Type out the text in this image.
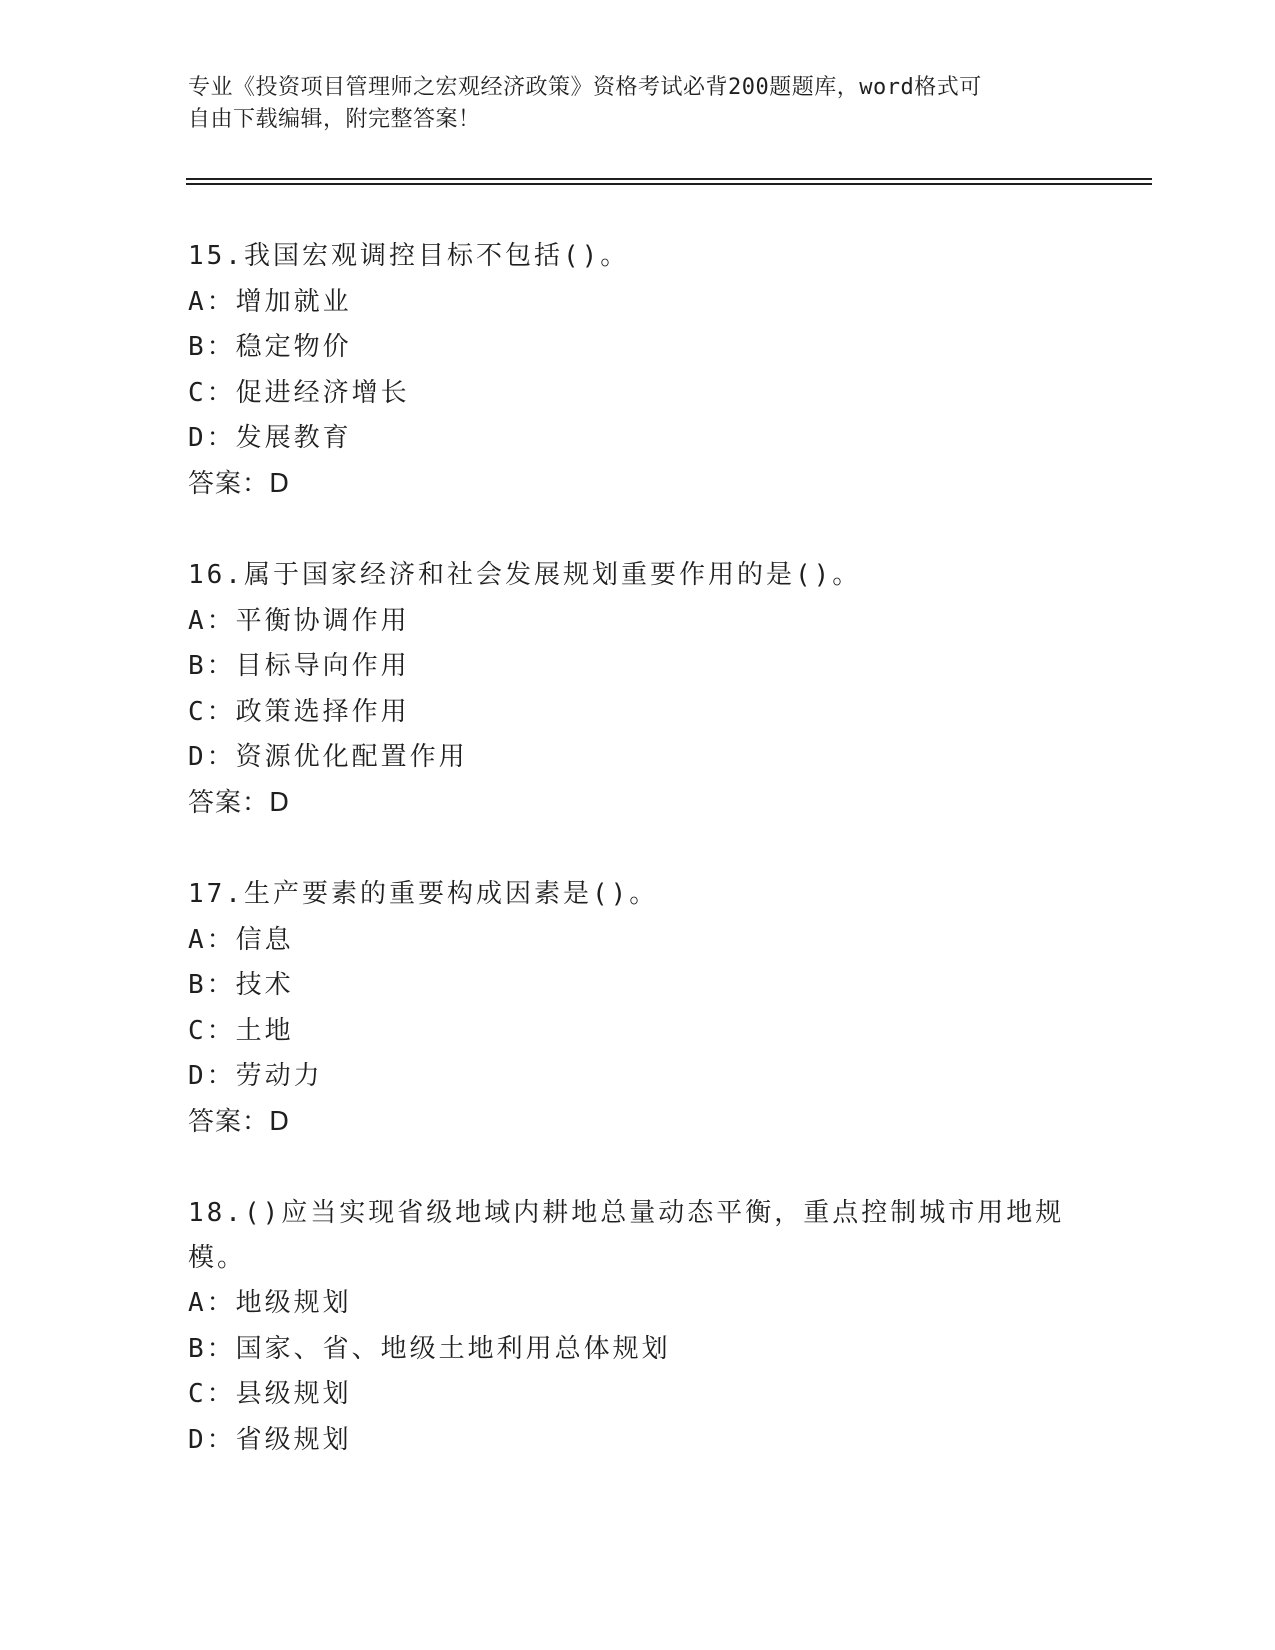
专业《投资项目管理师之宏观经济政策》资格考试必背200题题库，word格式可
自由下载编辑，附完整答案！
15.我国宏观调控目标不包括()。
A：增加就业
B：稳定物价
C：促进经济增长
D：发展教育
答案：D
16.属于国家经济和社会发展规划重要作用的是()。
A：平衡协调作用
B：目标导向作用
C：政策选择作用
D：资源优化配置作用
答案：D
17.生产要素的重要构成因素是()。
A：信息
B：技术
C：土地
D：劳动力
答案：D
18.()应当实现省级地域内耕地总量动态平衡，重点控制城市用地规模。
A：地级规划
B：国家、省、地级土地利用总体规划
C：县级规划
D：省级规划
